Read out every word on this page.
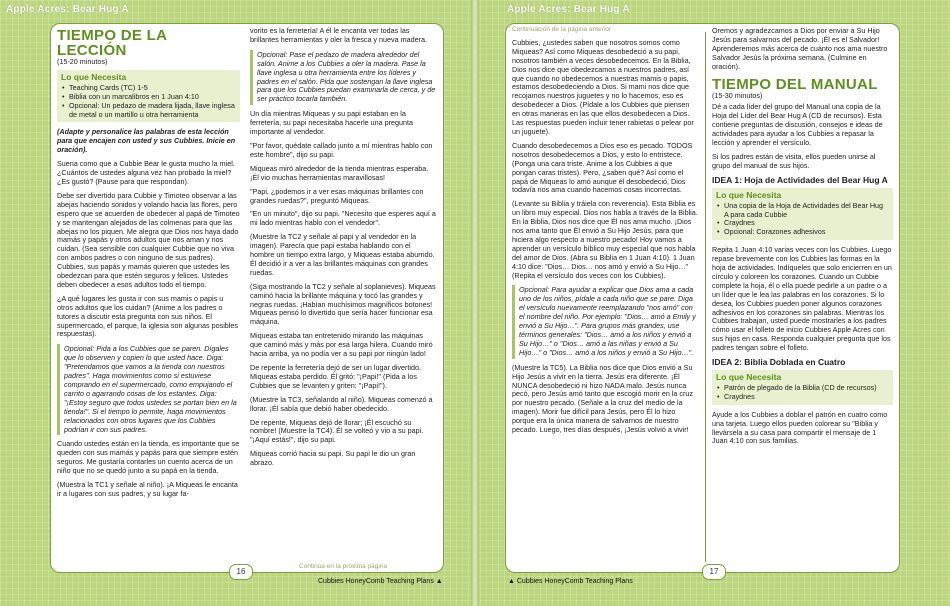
Apple Acres: Bear Hug A	Apple Acres: Bear Hug A
TIEMPO DE LA LECCIÓN
(15-20 minutos)
Lo que Necesita
• Teaching Cards (TC) 1-5
• Biblia con un marcalibros en 1 Juan 4:10
• Opcional: Un pedazo de madera lijada, llave inglesa de metal o un martillo u otra herramienta

(Adapte y personalice las palabras de esta lección para que encajen con usted y sus Cubbies. Inicie en oración).

Suena como que a Cubbie Bear le gusta mucho la miel. ¿Cuántos de ustedes alguna vez han probado la miel? ¿Es gustó? (Pause para que respondan).

Debe ser divertido para Cubbie y Timoteo observar a las abejas haciendo sonidos y volando hacia las flores, pero espero que se acuerden de obedecer al papá de Timoteo y se mantengan alejados de las colmenas para que las abejas no los piquen. Me alegra que Dios nos haya dado mamás y papás y otros adultos que nos aman y nos cuidan. (Sea sensible con cualquier Cubbie que no viva con ambos padres o con ninguno de sus padres). Cubbies, sus papás y mamás quieren que ustedes les obedezcan para que estén seguros y felices. Ustedes deben obedecer a esos adultos todo el tiempo.

¿A qué lugares les gusta ir con sus mamis o papis u otros adultos que los cuidan? (Anime a los padres o tutores a discutir esta pregunta con sus niños. El supermercado, el parque, la iglesia son algunas posibles respuestas).

Opcional: Pida a los Cubbies que se paren. Dígales que lo observen y copien lo que usted hace. Diga: "Pretendamos que vamos a la tienda con nuestros padres". Haga movimientos como si estuviese comprando en el supermercado, como empujando el carrito o agarrando cosas de los estantes. Diga: "¡Estoy seguro que todos ustedes se portan bien en la tienda!". Si el tiempo lo permite, haga movimientos relacionados con otros lugares que los Cubbies podrían ir con sus padres.

Cuando ustedes están en la tienda, es importante que se queden con sus mamás y papás para que siempre estén seguros. Me gustaría contarles un cuento acerca de un niño que no se quedó junto a su papá en la tienda.

(Muestra la TC1 y señale al niño). ¡A Miqueas le encanta ir a lugares con sus padres, y su lugar fa-

vorito es la ferretería! A él le encanta ver todas las brillantes herramientas y oler la fresca y nueva madera.

Opcional: Pase el pedazo de madera alrededor del salón. Anime a los Cubbies a oler la madera. Pase la llave inglesa u otra herramienta entre los líderes y padres en el salón. Pida que sostengan la llave inglesa para que los Cubbies puedan examinarla de cerca, y de ser práctico tocarla también.

Un día mientras Miqueas y su papi estaban en la ferretería, su papi necesitaba hacerle una pregunta importante al vendedor.

"Por favor, quédate callado junto a mí mientras hablo con este hombre", dijo su papi.

Miqueas miró alrededor de la tienda mientras esperaba. ¡Él vio muchas herramientas maravillosas!

"Papi, ¿podemos ir a ver esas máquinas brillantes con grandes ruedas?", preguntó Miqueas.

"En un minuto", dijo su papi. "Necesito que esperes aquí a mi lado mientras hablo con el vendedor".

(Muestre la TC2 y señale al papi y al vendedor en la imagen). Parecía que papi estaba hablando con el hombre un tiempo extra largo, y Miqueas estaba aburrido. Él decidió ir a ver a las brillantes máquinas con grandes ruedas.

(Siga mostrando la TC2 y señale al soplanieves). Miqueas caminó hacia la brillante máquina y tocó las grandes y negras ruedas. ¡Habían muchísimos magníficos botones! Miqueas pensó lo divertido que sería hacer funcionar esa máquina.

Miqueas estaba tan entretenido mirando las máquinas que caminó más y más por esa larga hilera. Cuando miró hacia arriba, ya no podía ver a su papi por ningún lado!

De repente la ferretería dejó de ser un lugar divertido. Miqueas estaba perdido. Él gritó: "¡Papi!" (Pida a los Cubbies que se levanten y griten: "¡Papi!").

(Muestre la TC3, señalando al niño). Miqueas comenzó a llorar. ¡Él sabía que debió haber obedecido.

De repente, Miqueas dejó de llorar; ¡Él escuchó su nombre! (Muestre la TC4). Él se volteó y vio a su papi. "¡Aquí estás!", dijo su papi.

Miqueas corrió hacia su papi. Su papi le dio un gran abrazo.

Continúa en la próxima página
16
Cubbies HoneyComb Teaching Plans ▲
Continuación de la página anterior

Cubbies, ¿ustedes saben que nosotros somos como Miqueas? Así como Miqueas desobedeció a su papi, nosotros también a veces desobedecemos. En la Biblia, Dios nos dice que obedezcamos a nuestros padres, así que cuando no obedecemos a nuestras mamis o papis, estamos desobedeciendo a Dios. Si mami nos dice que recojamos nuestros juguetes y no lo hacemos, eso es desobedecer a Dios. (Pídale a los Cubbies que piensen en otras maneras en las que ellos desobedecen a Dios. Las respuestas pueden incluir tener rabietas o pelear por un juguete).

Cuando desobedecemos a Dios eso es pecado. TODOS nosotros desobedecemos a Dios, y esto lo entristece. (Ponga una cara triste. Anime a los Cubbies a que pongan caras tristes). Pero, ¿saben qué? Así como el papá de Miqueas lo amó aunque él desobedeció, Dios todavía nos ama cuando hacemos cosas incorrectas.

(Levante su Biblia y tráiela con reverencia). Esta Biblia es un libro muy especial. Dios nos habla a través de la Biblia. En la Biblia, Dios nos dice que Él nos ama mucho. ¡Dios nos ama tanto que Él envió a Su Hijo Jesús, para que hiciera algo respecto a nuestro pecado! Hoy vamos a aprender un versículo bíblico muy especial que nos habla del amor de Dios. (Abra su Biblia en 1 Juan 4:10). 1 Juan 4:10 dice: "Dios… Dios… nos amó y envió a Su Hijo…" (Repita el versículo dos veces con los Cubbies).

Opcional: Para ayudar a explicar que Dios ama a cada uno de los niños, pídale a cada niño que se pare. Diga el versículo nuevamente reemplazando "nos amó" con el nombre del niño. Por ejemplo: "Dios… amó a Emily y envió a Su Hijo…". Para grupos más grandes, use términos generales: "Dios… amó a los niños y envió a Su Hijo…" o "Dios… amó a las niñas y envió a Su Hijo…" o "Dios… amó a los niños y envió a Su Hijo…".

(Muestre la TC5). La Biblia nos dice que Dios envió a Su Hijo Jesús a vivir en la tierra. Jesús era diferente. ¡Él NUNCA desobedeció ni hizo NADA malo. Jesús nunca pecó, pero Jesús amó tanto que escogió morir en la cruz por nuestro pecado. (Señale a la cruz del medio de la imagen). Morir fue difícil para Jesús, pero Él lo hizo porque era la única manera de salvarnos de nuestro pecado. Luego, tres días después, ¡Jesús volvió a vivir!

Oremos y agradezcamos a Dios por enviar a Su Hijo Jesús para salvarnos del pecado. ¡Él es el Salvador! Aprenderemos más acerca de cuánto nos ama nuestro Salvador Jesús la próxima semana. (Culmine en oración).

TIEMPO DEL MANUAL
(15-30 minutos)

Dé a cada líder del grupo del Manual una copia de la Hoja del Líder del Bear Hug A (CD de recursos). Esta contiene preguntas de discusión, consejos e ideas de actividades para ayudar a los Cubbies a repasar la lección y aprender el versículo.

Si los padres están de visita, ellos pueden unirse al grupo del manual de sus hijos.

IDEA 1: Hoja de Actividades del Bear Hug A
Lo que Necesita
• Una copia de la Hoja de Actividades del Bear Hug A para cada Cubbie
• Craydnes
• Opcional: Corazones adhesivos

Repita 1 Juan 4:10 varias veces con los Cubbies. Luego repase brevemente con los Cubbies las formas en la hoja de actividades. Indíqueles que solo encierren en un círculo y coloreen los corazones. Cuando un Cubbie complete la hoja, él o ella puede pedirle a un padre o a un líder que le lea las palabras en los corazones. Si lo desea, los Cubbies pueden poner algunos corazones adhesivos en los corazones sin palabras. Mientras los Cubbies trabajan, usted puede mostrarles a los padres cómo usar el folleto de inicio Cubbies Apple Acres con sus hijos en casa. Responda cualquier pregunta que los padres tengan sobre el folleto.

IDEA 2: Biblia Doblada en Cuatro
Lo que Necesita
• Patrón de plegado de la Biblia (CD de recursos)
• Craydnes

Ayude a los Cubbies a doblar el patrón en cuatro como una tarjeta. Luego ellos pueden colorear su "Biblia y llevársela a su casa para compartir el mensaje de 1 Juan 4:10 con sus familias.

17
▲ Cubbies HoneyComb Teaching Plans
